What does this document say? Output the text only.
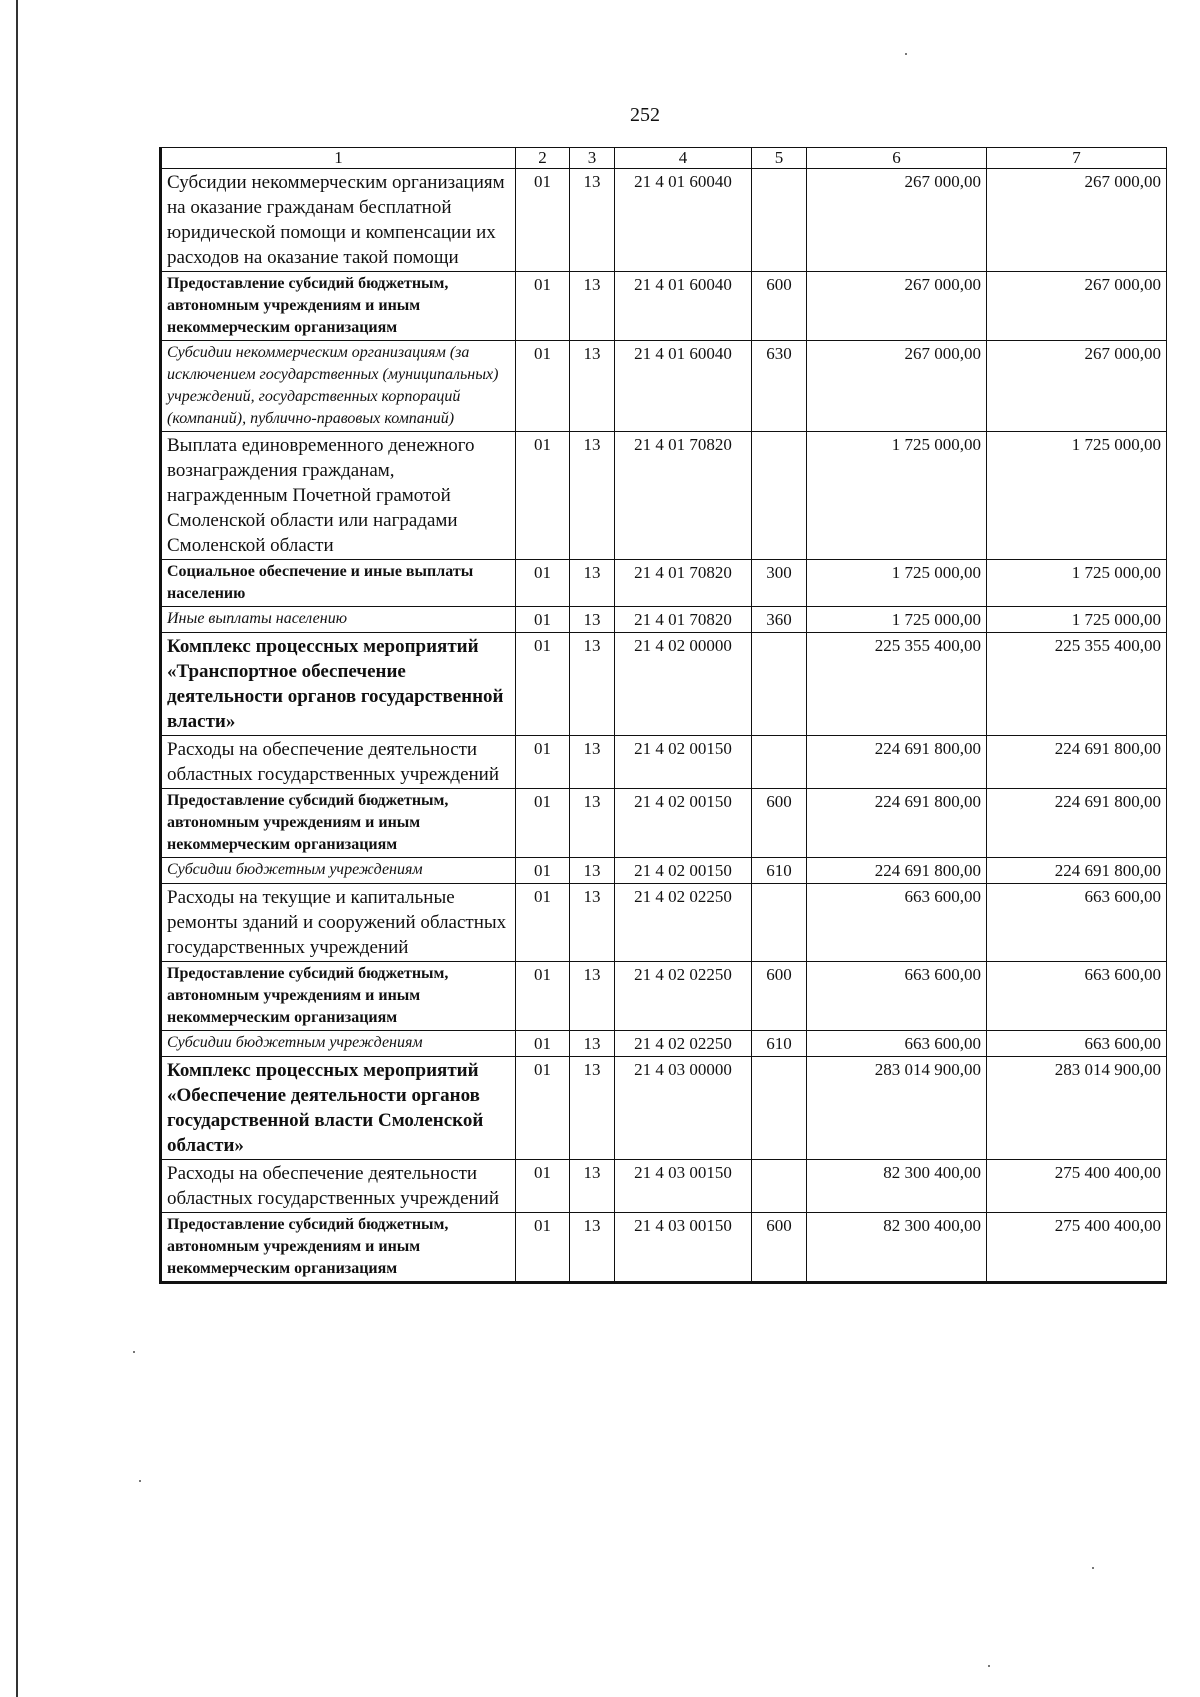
252
1	2	3	4	5	6	7
Субсидии некоммерческим организациям на оказание гражданам бесплатной юридической помощи и компенсации их расходов на оказание такой помощи	01	13	21 4 01 60040		267 000,00	267 000,00
Предоставление субсидий бюджетным, автономным учреждениям и иным некоммерческим организациям	01	13	21 4 01 60040	600	267 000,00	267 000,00
Субсидии некоммерческим организациям (за исключением государственных (муниципальных) учреждений, государственных корпораций (компаний), публично-правовых компаний)	01	13	21 4 01 60040	630	267 000,00	267 000,00
Выплата единовременного денежного вознаграждения гражданам, награжденным Почетной грамотой Смоленской области или наградами Смоленской области	01	13	21 4 01 70820		1 725 000,00	1 725 000,00
Социальное обеспечение и иные выплаты населению	01	13	21 4 01 70820	300	1 725 000,00	1 725 000,00
Иные выплаты населению	01	13	21 4 01 70820	360	1 725 000,00	1 725 000,00
Комплекс процессных мероприятий «Транспортное обеспечение деятельности органов государственной власти»	01	13	21 4 02 00000		225 355 400,00	225 355 400,00
Расходы на обеспечение деятельности областных государственных учреждений	01	13	21 4 02 00150		224 691 800,00	224 691 800,00
Предоставление субсидий бюджетным, автономным учреждениям и иным некоммерческим организациям	01	13	21 4 02 00150	600	224 691 800,00	224 691 800,00
Субсидии бюджетным учреждениям	01	13	21 4 02 00150	610	224 691 800,00	224 691 800,00
Расходы на текущие и капитальные ремонты зданий и сооружений областных государственных учреждений	01	13	21 4 02 02250		663 600,00	663 600,00
Предоставление субсидий бюджетным, автономным учреждениям и иным некоммерческим организациям	01	13	21 4 02 02250	600	663 600,00	663 600,00
Субсидии бюджетным учреждениям	01	13	21 4 02 02250	610	663 600,00	663 600,00
Комплекс процессных мероприятий «Обеспечение деятельности органов государственной власти Смоленской области»	01	13	21 4 03 00000		283 014 900,00	283 014 900,00
Расходы на обеспечение деятельности областных государственных учреждений	01	13	21 4 03 00150		82 300 400,00	275 400 400,00
Предоставление субсидий бюджетным, автономным учреждениям и иным некоммерческим организациям	01	13	21 4 03 00150	600	82 300 400,00	275 400 400,00
